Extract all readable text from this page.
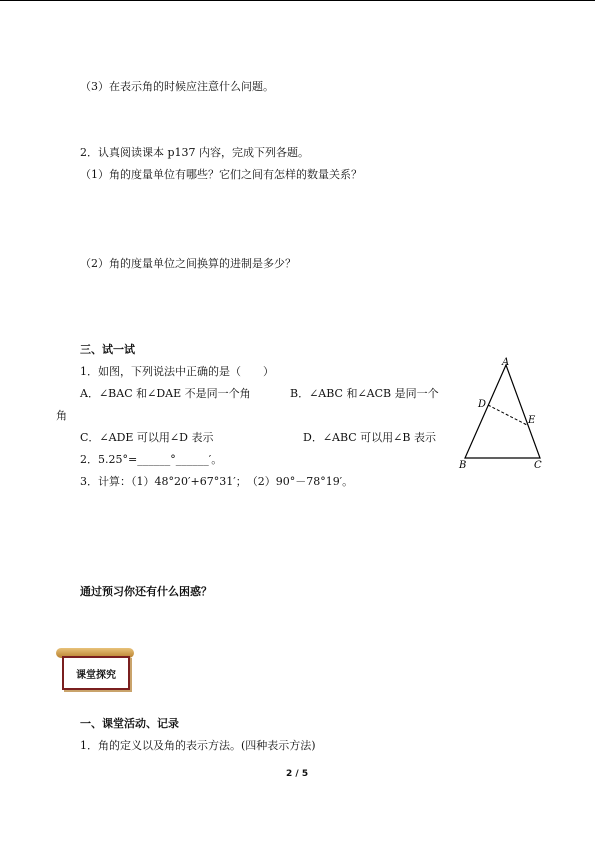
（3）在表示角的时候应注意什么问题。
2．认真阅读课本 p137 内容，完成下列各题。
（1）角的度量单位有哪些？它们之间有怎样的数量关系？
（2）角的度量单位之间换算的进制是多少？
三、试一试
1．如图，下列说法中正确的是（　　）
A．∠BAC 和∠DAE 不是同一个角	B．∠ABC 和∠ACB 是同一个
角
C．∠ADE 可以用∠D 表示	D．∠ABC 可以用∠B 表示
2．5.25°=______°______′。
3．计算：（1）48°20′+67°31′；　（2）90°－78°19′。
A
D
E
B	C
通过预习你还有什么困惑？
课堂探究
一、课堂活动、记录
1．角的定义以及角的表示方法。(四种表示方法)
2 / 5
